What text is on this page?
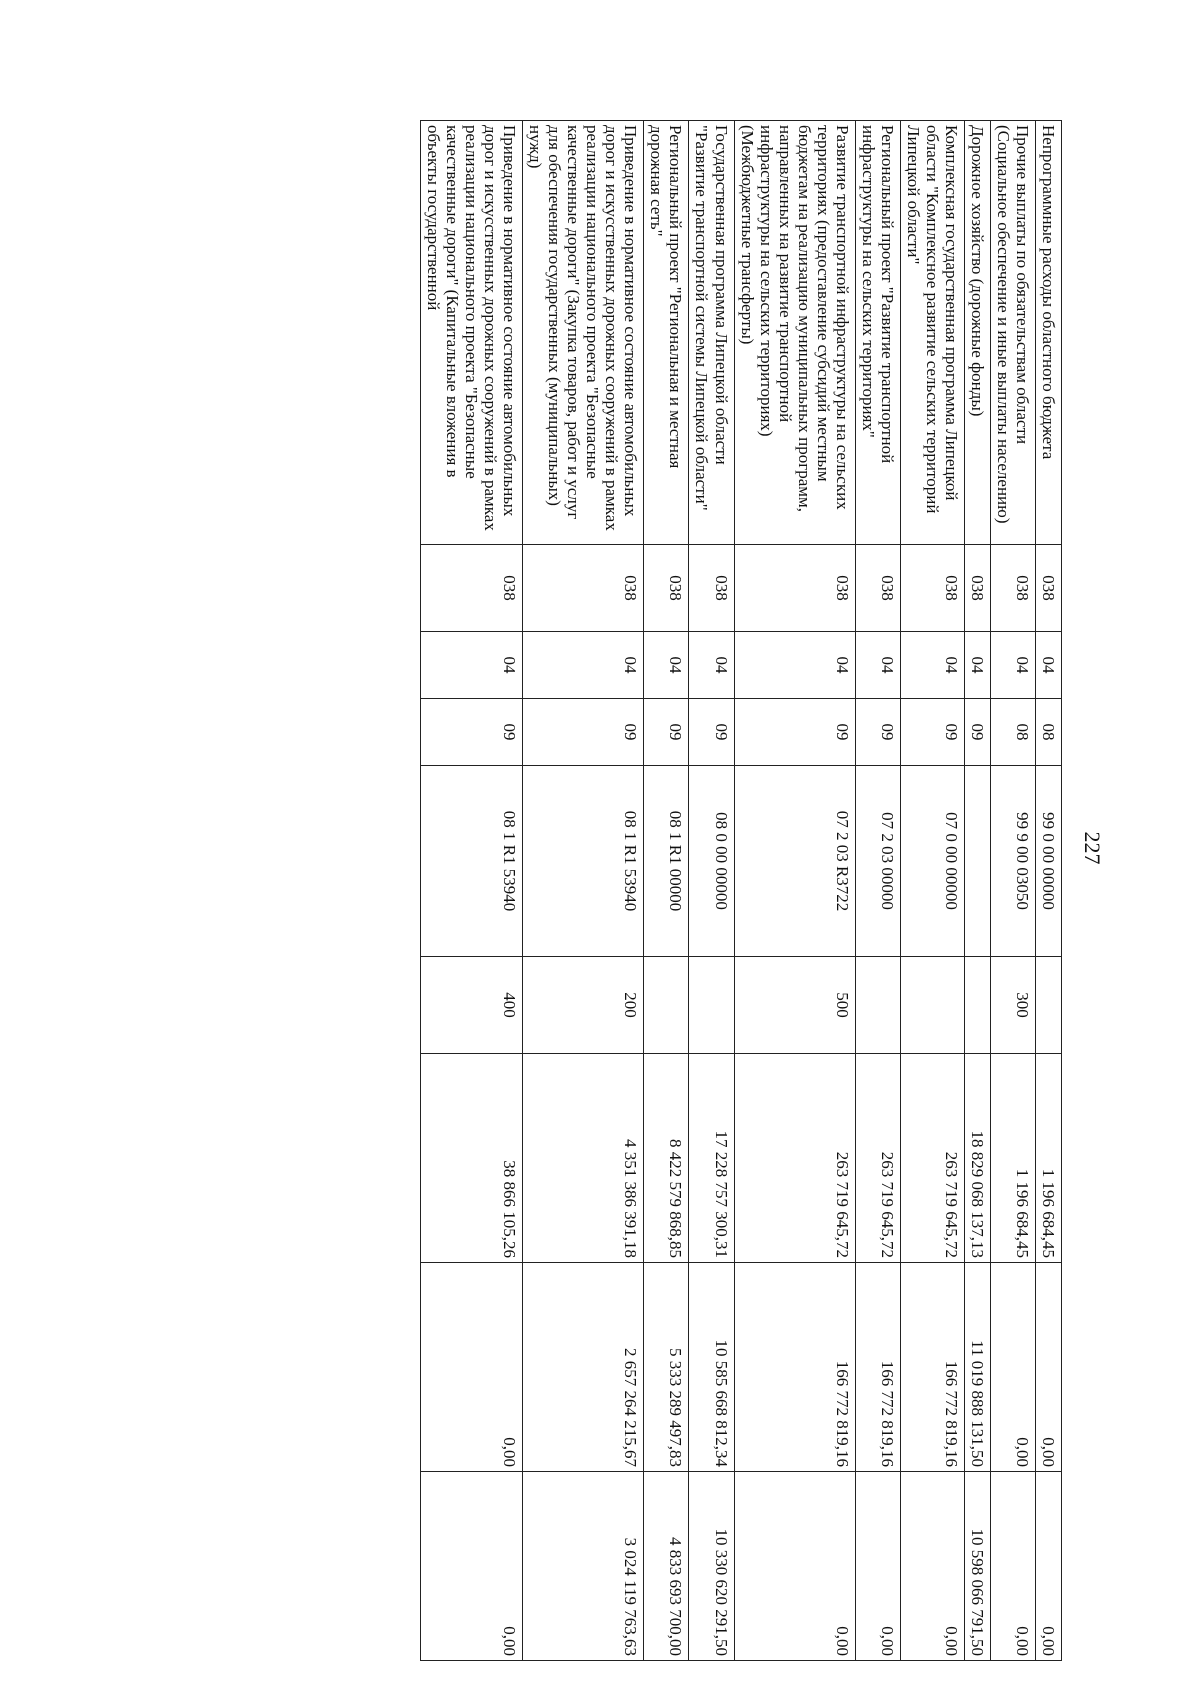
227
Непрограммные расходы областного бюджета	038	04	08	99 0 00 00000		1 196 684,45	0,00	0,00
Прочие выплаты по обязательствам области (Социальное обеспечение и иные выплаты населению)	038	04	08	99 9 00 03050	300	1 196 684,45	0,00	0,00
Дорожное хозяйство (дорожные фонды)	038	04	09			18 829 068 137,13	11 019 888 131,50	10 598 066 791,50
Комплексная государственная программа Липецкой области "Комплексное развитие сельских территорий Липецкой области"	038	04	09	07 0 00 00000		263 719 645,72	166 772 819,16	0,00
Региональный проект "Развитие транспортной инфраструктуры на сельских территориях"	038	04	09	07 2 03 00000		263 719 645,72	166 772 819,16	0,00
Развитие транспортной инфраструктуры на сельских территориях (предоставление субсидий местным бюджетам на реализацию муниципальных программ, направленных на развитие транспортной инфраструктуры на сельских территориях) (Межбюджетные трансферты)	038	04	09	07 2 03 R3722	500	263 719 645,72	166 772 819,16	0,00
Государственная программа Липецкой области "Развитие транспортной системы Липецкой области"	038	04	09	08 0 00 00000		17 228 757 300,31	10 585 668 812,34	10 330 620 291,50
Региональный проект "Региональная и местная дорожная сеть"	038	04	09	08 1 R1 00000		8 422 579 868,85	5 333 289 497,83	4 833 693 700,00
Приведение в нормативное состояние автомобильных дорог и искусственных дорожных сооружений в рамках реализации национального проекта "Безопасные качественные дороги" (Закупка товаров, работ и услуг для обеспечения государственных (муниципальных) нужд)	038	04	09	08 1 R1 53940	200	4 351 386 391,18	2 657 264 215,67	3 024 119 763,63
Приведение в нормативное состояние автомобильных дорог и искусственных дорожных сооружений в рамках реализации национального проекта "Безопасные качественные дороги" (Капитальные вложения в объекты государственной	038	04	09	08 1 R1 53940	400	38 866 105,26	0,00	0,00
